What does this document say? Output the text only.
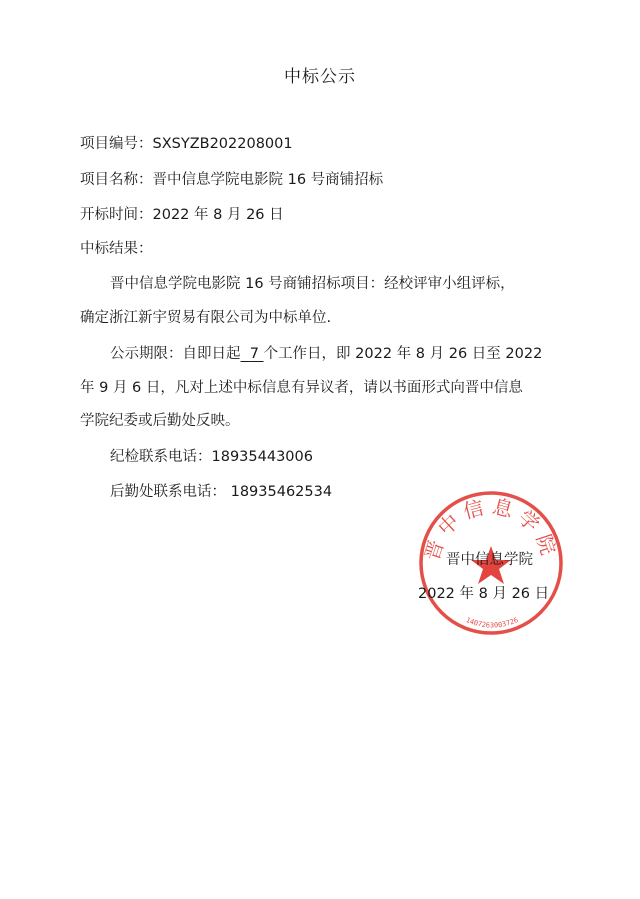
中标公示
项目编号：SXSYZB202208001
项目名称：晋中信息学院电影院 16 号商铺招标
开标时间：2022 年 8 月 26 日
中标结果：
晋中信息学院电影院 16 号商铺招标项目：经校评审小组评标，
确定浙江新宇贸易有限公司为中标单位.
公示期限：自即日起 7 个工作日，即 2022 年 8 月 26 日至 2022
年 9 月 6 日，凡对上述中标信息有异议者，请以书面形式向晋中信息
学院纪委或后勤处反映。
纪检联系电话：18935443006
后勤处联系电话： 18935462534
晋中信息学院
1407263003726
晋中信息学院
2022 年 8 月 26 日
